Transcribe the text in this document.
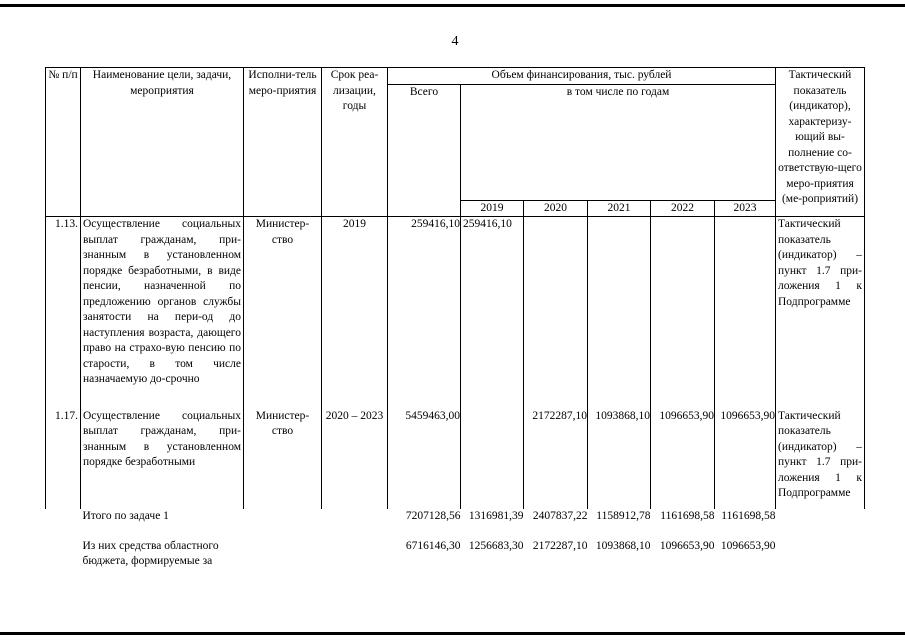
4
№ п/п	Наименование цели, задачи, мероприятия	Исполни-тель меро-приятия	Срок реа-лизации, годы	Объем финансирования, тыс. рублей						Тактический показатель (индикатор), характеризу-ющий вы-полнение со-ответствую-щего меро-приятия (ме-роприятий)
				Всего	в том числе по годам					
					2019	2020	2021	2022	2023	
1.13.	Осуществление социальных выплат гражданам, при-знанным в установленном порядке безработными, в виде пенсии, назначенной по предложению органов службы занятости на пери-од до наступления возраста, дающего право на страхо-вую пенсию по старости, в том числе назначаемую до-срочно	Министер-ство	2019	259416,10	259416,10					Тактический показатель (индикатор) – пункт 1.7 при-ложения 1 к Подпрограмме
1.17.	Осуществление социальных выплат гражданам, при-знанным в установленном порядке безработными	Министер-ство	2020 – 2023	5459463,00		2172287,10	1093868,10	1096653,90	1096653,90	Тактический показатель (индикатор) – пункт 1.7 при-ложения 1 к Подпрограмме
	Итого по задаче 1			7207128,56	1316981,39	2407837,22	1158912,78	1161698,58	1161698,58	
	Из них средства областного бюджета, формируемые за			6716146,30	1256683,30	2172287,10	1093868,10	1096653,90	1096653,90	
